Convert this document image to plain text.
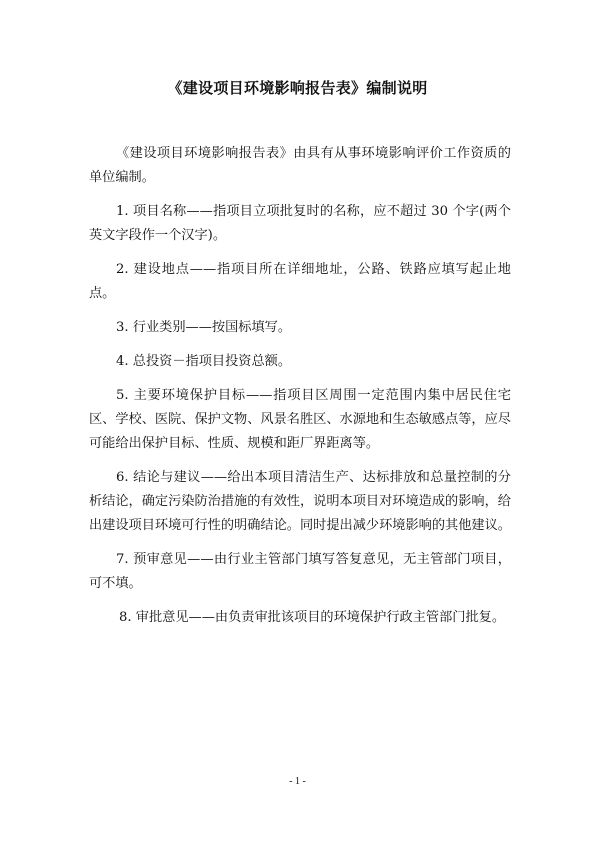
《建设项目环境影响报告表》编制说明

《建设项目环境影响报告表》由具有从事环境影响评价工作资质的单位编制。

1. 项目名称——指项目立项批复时的名称，应不超过 30 个字(两个英文字段作一个汉字)。

2. 建设地点——指项目所在详细地址，公路、铁路应填写起止地点。

3. 行业类别——按国标填写。

4. 总投资－指项目投资总额。

5. 主要环境保护目标——指项目区周围一定范围内集中居民住宅区、学校、医院、保护文物、风景名胜区、水源地和生态敏感点等，应尽可能给出保护目标、性质、规模和距厂界距离等。

6. 结论与建议——给出本项目清洁生产、达标排放和总量控制的分析结论，确定污染防治措施的有效性，说明本项目对环境造成的影响，给出建设项目环境可行性的明确结论。同时提出减少环境影响的其他建议。

7. 预审意见——由行业主管部门填写答复意见，无主管部门项目，可不填。

8. 审批意见——由负责审批该项目的环境保护行政主管部门批复。

- 1 -
